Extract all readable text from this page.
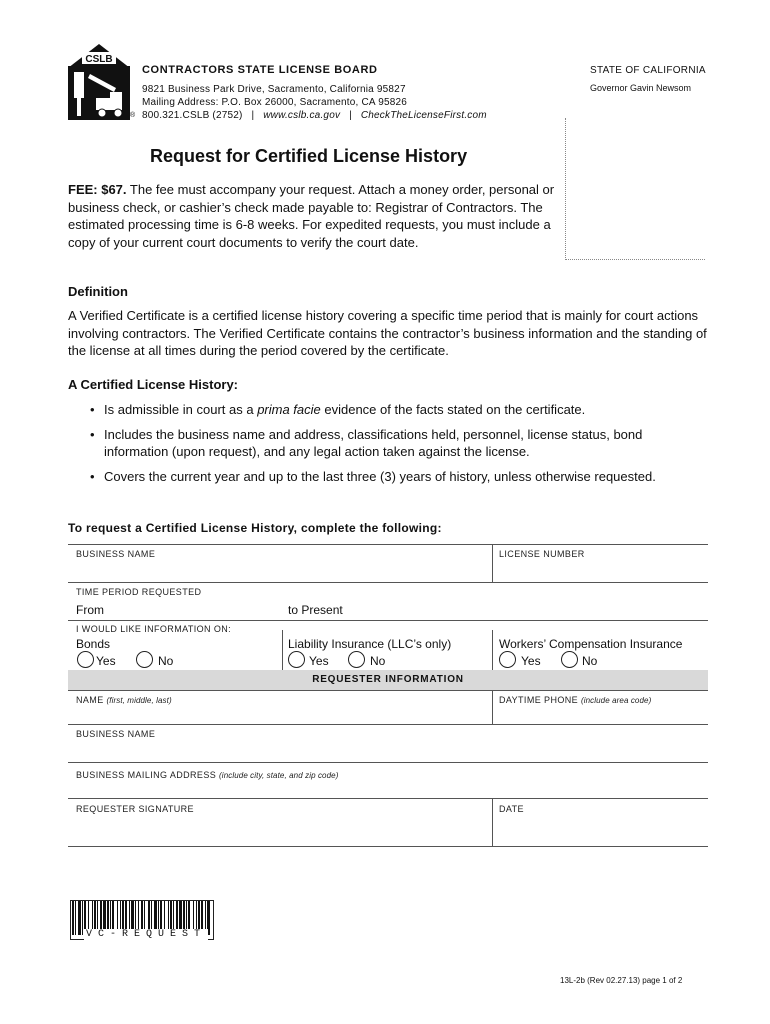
CSLB
®
CONTRACTORS STATE LICENSE BOARD
9821 Business Park Drive, Sacramento, California 95827
Mailing Address: P.O. Box 26000, Sacramento, CA 95826
800.321.CSLB (2752) | www.cslb.ca.gov | CheckTheLicenseFirst.com
STATE OF CALIFORNIA
Governor Gavin Newsom
Request for Certified License History
FEE: $67. The fee must accompany your request. Attach a money order, personal or business check, or cashier’s check made payable to: Registrar of Contractors. The estimated processing time is 6-8 weeks. For expedited requests, you must include a copy of your current court documents to verify the court date.
Definition
A Verified Certificate is a certified license history covering a specific time period that is mainly for court actions involving contractors. The Verified Certificate contains the contractor’s business information and the standing of the license at all times during the period covered by the certificate.
A Certified License History:
• Is admissible in court as a prima facie evidence of the facts stated on the certificate.
• Includes the business name and address, classifications held, personnel, license status, bond information (upon request), and any legal action taken against the license.
• Covers the current year and up to the last three (3) years of history, unless otherwise requested.
To request a Certified License History, complete the following:
BUSINESS NAME	LICENSE NUMBER
TIME PERIOD REQUESTED
From	to Present
I WOULD LIKE INFORMATION ON:
Bonds
Yes	No
Liability Insurance (LLC’s only)
Yes	No
Workers’ Compensation Insurance
Yes	No
REQUESTER INFORMATION
NAME (first, middle, last)	DAYTIME PHONE (include area code)
BUSINESS NAME
BUSINESS MAILING ADDRESS (include city, state, and zip code)
REQUESTER SIGNATURE	DATE
VC-REQUEST
13L-2b (Rev 02.27.13) page 1 of 2
